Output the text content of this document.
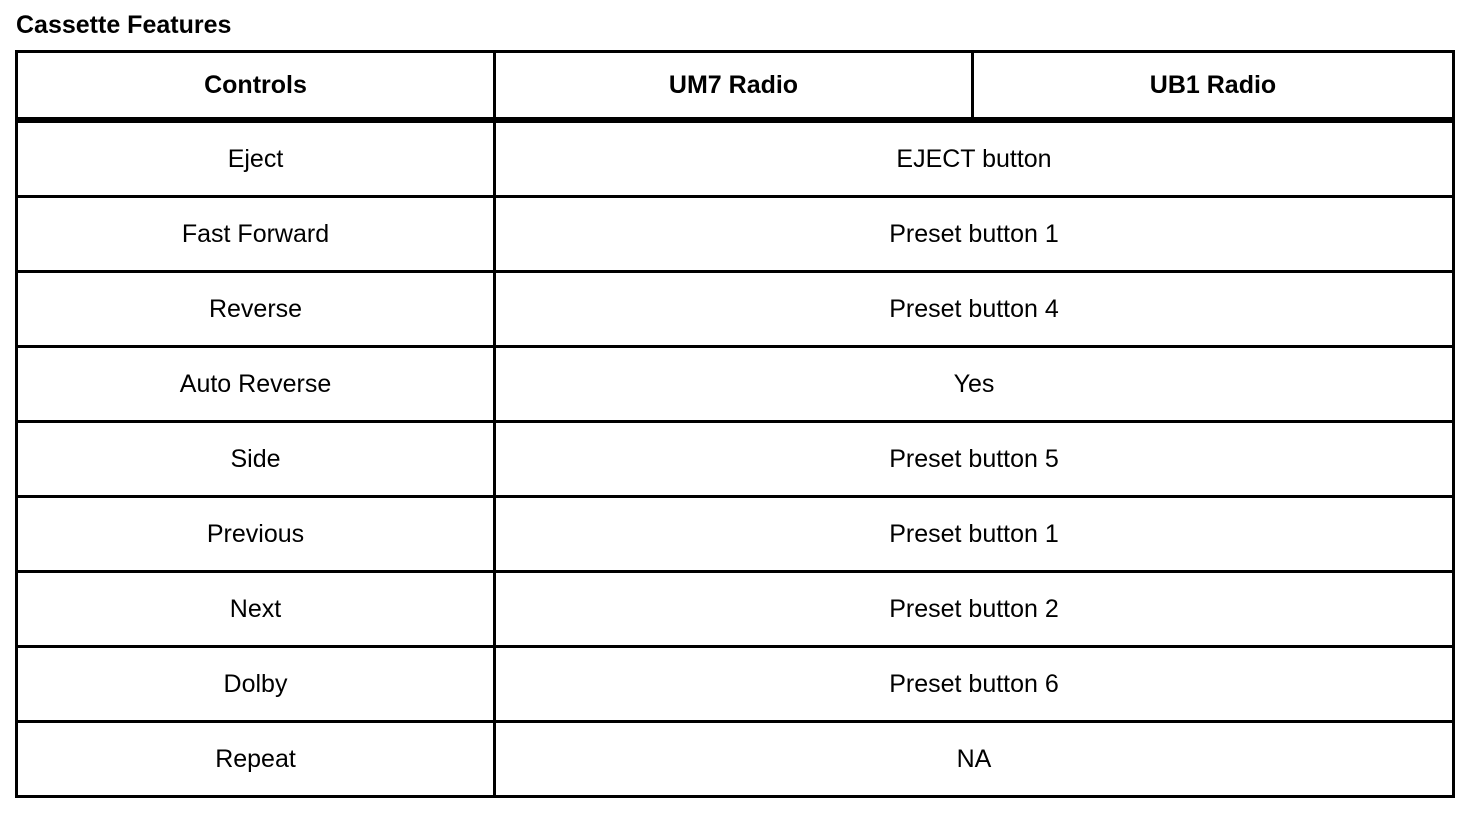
Cassette Features
Controls	UM7 Radio	UB1 Radio
Eject	EJECT button	
Fast Forward	Preset button 1	
Reverse	Preset button 4	
Auto Reverse	Yes	
Side	Preset button 5	
Previous	Preset button 1	
Next	Preset button 2	
Dolby	Preset button 6	
Repeat	NA	
